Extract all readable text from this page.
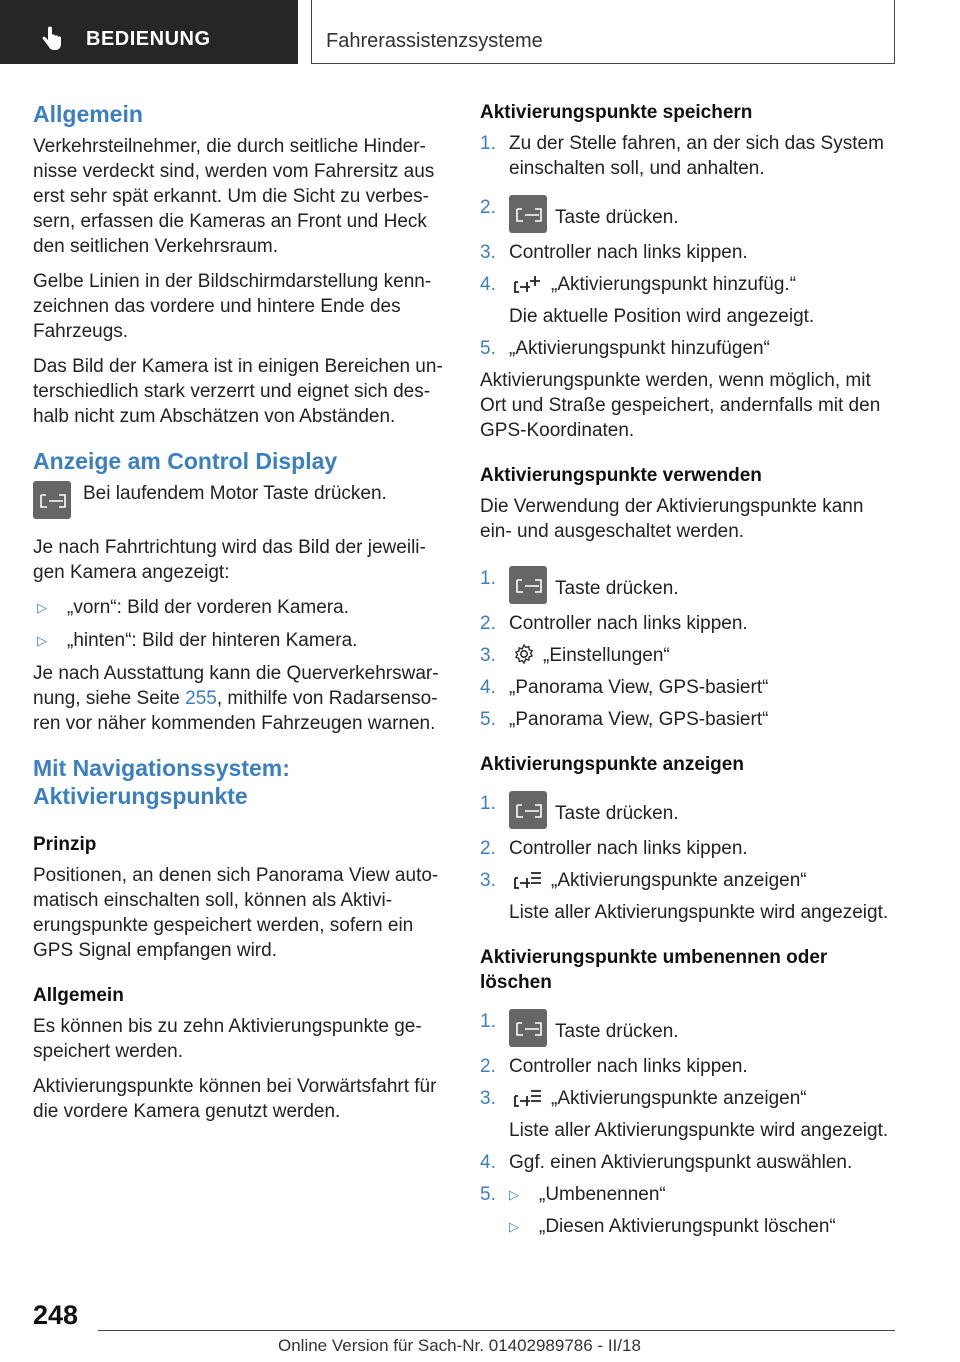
BEDIENUNG	Fahrerassistenzsysteme
Allgemein

Verkehrsteilnehmer, die durch seitliche Hindernisse verdeckt sind, werden vom Fahrersitz aus erst sehr spät erkannt. Um die Sicht zu verbessern, erfassen die Kameras an Front und Heck den seitlichen Verkehrsraum.

Gelbe Linien in der Bildschirmdarstellung kennzeichnen das vordere und hintere Ende des Fahrzeugs.

Das Bild der Kamera ist in einigen Bereichen unterschiedlich stark verzerrt und eignet sich deshalb nicht zum Abschätzen von Abständen.

Anzeige am Control Display
Bei laufendem Motor Taste drücken.

Je nach Fahrtrichtung wird das Bild der jeweiligen Kamera angezeigt:

▷	„vorn“: Bild der vorderen Kamera.
▷	„hinten“: Bild der hinteren Kamera.

Je nach Ausstattung kann die Querverkehrswarnung, siehe Seite 255, mithilfe von Radarsensoren vor näher kommenden Fahrzeugen warnen.

Mit Navigationssystem: Aktivierungspunkte
Prinzip

Positionen, an denen sich Panorama View automatisch einschalten soll, können als Aktivierungspunkte gespeichert werden, sofern ein GPS Signal empfangen wird.

Allgemein

Es können bis zu zehn Aktivierungspunkte gespeichert werden.

Aktivierungspunkte können bei Vorwärtsfahrt für die vordere Kamera genutzt werden.

Aktivierungspunkte speichern
1. Zu der Stelle fahren, an der sich das System einschalten soll, und anhalten.
2.	Taste drücken.
3. Controller nach links kippen.
4.	„Aktivierungspunkt hinzufüg.“
Die aktuelle Position wird angezeigt.
5. „Aktivierungspunkt hinzufügen“

Aktivierungspunkte werden, wenn möglich, mit Ort und Straße gespeichert, andernfalls mit den GPS-Koordinaten.

Aktivierungspunkte verwenden

Die Verwendung der Aktivierungspunkte kann ein- und ausgeschaltet werden.

1.	Taste drücken.
2. Controller nach links kippen.
3.	„Einstellungen“
4. „Panorama View, GPS-basiert“
5. „Panorama View, GPS-basiert“
Aktivierungspunkte anzeigen
1.	Taste drücken.
2. Controller nach links kippen.
3.	„Aktivierungspunkte anzeigen“
Liste aller Aktivierungspunkte wird angezeigt.
Aktivierungspunkte umbenennen oder löschen
1.	Taste drücken.
2. Controller nach links kippen.
3.	„Aktivierungspunkte anzeigen“
Liste aller Aktivierungspunkte wird angezeigt.
4. Ggf. einen Aktivierungspunkt auswählen.
5.	▷	„Umbenennen“
▷	„Diesen Aktivierungspunkt löschen“
248
Online Version für Sach-Nr. 01402989786 - II/18
